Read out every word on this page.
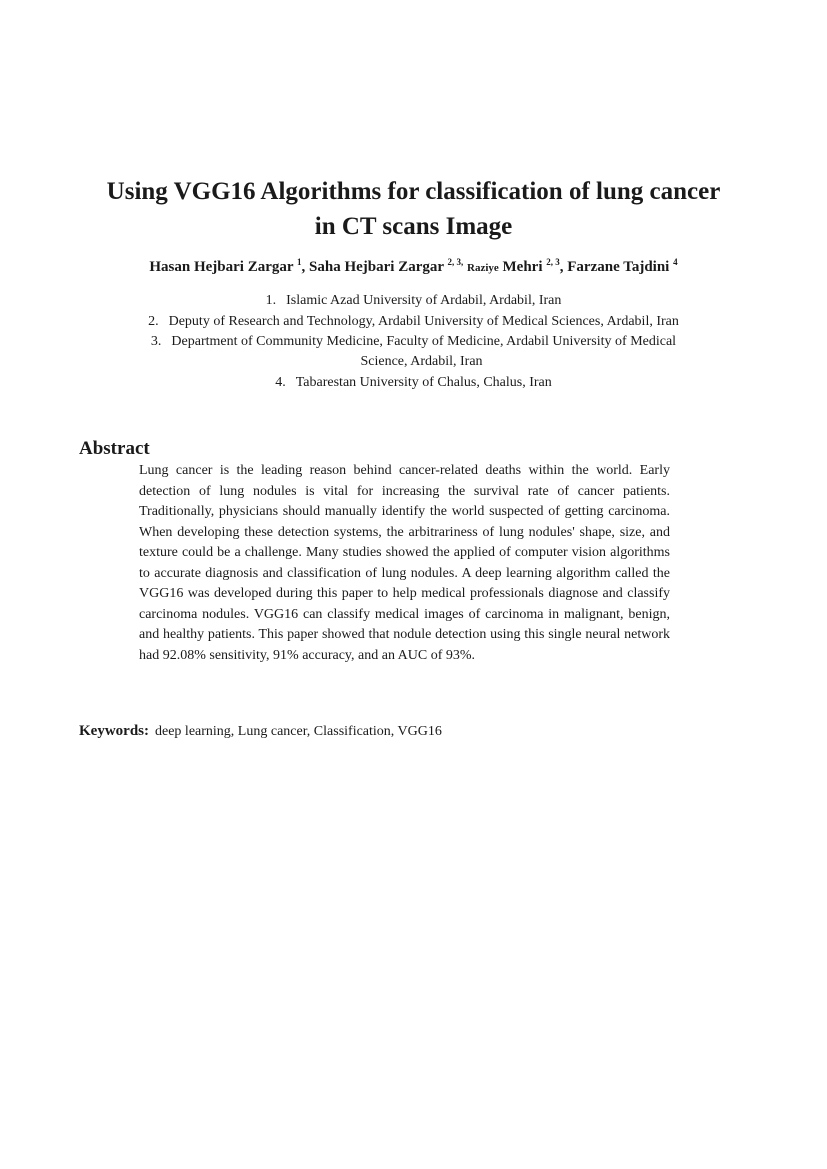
Using VGG16 Algorithms for classification of lung cancer
in CT scans Image
Hasan Hejbari Zargar $^1$, Saha Hejbari Zargar $^{2, 3,}$ Raziye Mehri $^{2, 3}$, Farzane Tajdini $^4$
1. Islamic Azad University of Ardabil, Ardabil, Iran
2. Deputy of Research and Technology, Ardabil University of Medical Sciences, Ardabil, Iran
3. Department of Community Medicine, Faculty of Medicine, Ardabil University of Medical
Science, Ardabil, Iran
4. Tabarestan University of Chalus, Chalus, Iran
Abstract

Lung cancer is the leading reason behind cancer-related deaths within the world. Early detection of lung nodules is vital for increasing the survival rate of cancer patients. Traditionally, physicians should manually identify the world suspected of getting carcinoma. When developing these detection systems, the arbitrariness of lung nodules' shape, size, and texture could be a challenge. Many studies showed the applied of computer vision algorithms to accurate diagnosis and classification of lung nodules. A deep learning algorithm called the VGG16 was developed during this paper to help medical professionals diagnose and classify carcinoma nodules. VGG16 can classify medical images of carcinoma in malignant, benign, and healthy patients. This paper showed that nodule detection using this single neural network had 92.08% sensitivity, 91% accuracy, and an AUC of 93%.

Keywords: deep learning, Lung cancer, Classification, VGG16
